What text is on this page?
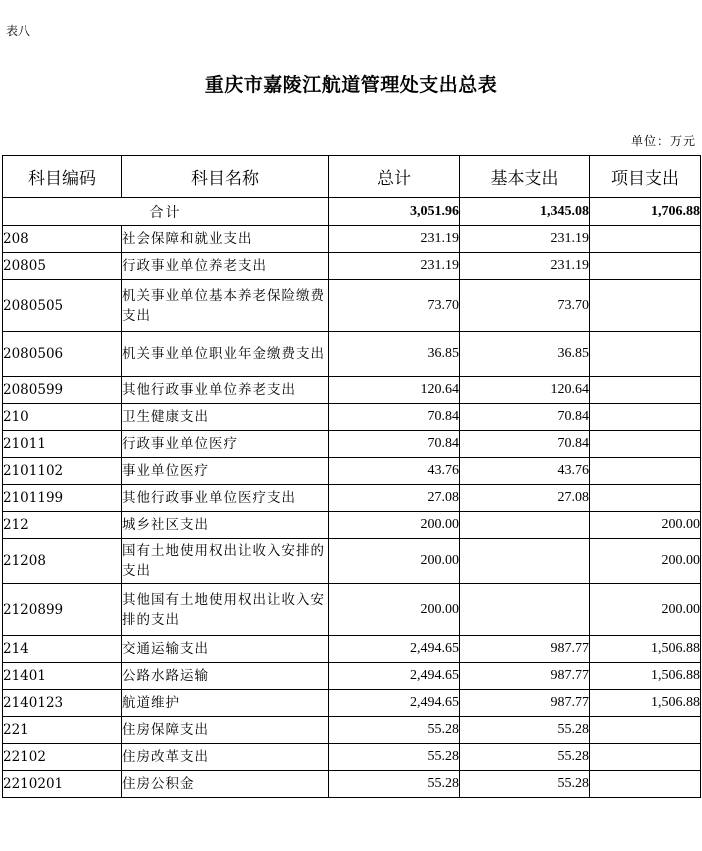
表八
重庆市嘉陵江航道管理处支出总表
单位：万元
科目编码	科目名称	总计	基本支出	项目支出
合计		3,051.96	1,345.08	1,706.88
208	社会保障和就业支出	231.19	231.19	
20805	行政事业单位养老支出	231.19	231.19	
2080505	机关事业单位基本养老保险缴费支出	73.70	73.70	
2080506	机关事业单位职业年金缴费支出	36.85	36.85	
2080599	其他行政事业单位养老支出	120.64	120.64	
210	卫生健康支出	70.84	70.84	
21011	行政事业单位医疗	70.84	70.84	
2101102	事业单位医疗	43.76	43.76	
2101199	其他行政事业单位医疗支出	27.08	27.08	
212	城乡社区支出	200.00		200.00
21208	国有土地使用权出让收入安排的支出	200.00		200.00
2120899	其他国有土地使用权出让收入安排的支出	200.00		200.00
214	交通运输支出	2,494.65	987.77	1,506.88
21401	公路水路运输	2,494.65	987.77	1,506.88
2140123	航道维护	2,494.65	987.77	1,506.88
221	住房保障支出	55.28	55.28	
22102	住房改革支出	55.28	55.28	
2210201	住房公积金	55.28	55.28	
